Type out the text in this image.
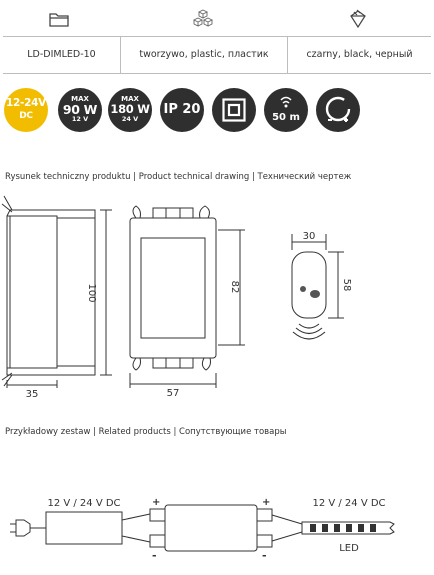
LD-DIMLED-10	tworzywo, plastic, пластик	czarny, black, черный
12-24V
DC
MAX
90 W
12 V
MAX
180 W
24 V
IP 20
50 m
Rysunek techniczny produktu | Product technical drawing | Технический чертеж
100
35	57
82
30
58
Przykładowy zestaw | Related products | Сопутствующие товары
12 V / 24 V DC	12 V / 24 V DC
LED
+
-
+
-
